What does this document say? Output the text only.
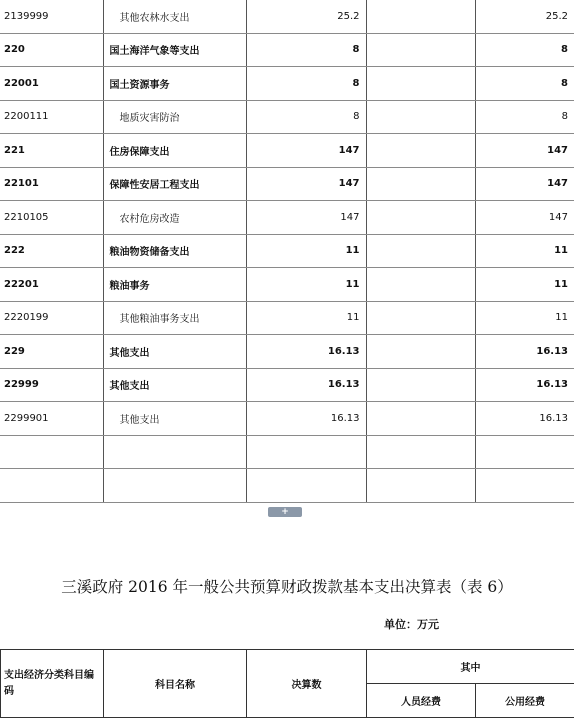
2139999	其他农林水支出	25.2		25.2
220	国土海洋气象等支出	8		8
22001	国土资源事务	8		8
2200111	地质灾害防治	8		8
221	住房保障支出	147		147
22101	保障性安居工程支出	147		147
2210105	农村危房改造	147		147
222	粮油物资储备支出	11		11
22201	粮油事务	11		11
2220199	其他粮油事务支出	11		11
229	其他支出	16.13		16.13
22999	其他支出	16.13		16.13
2299901	其他支出	16.13		16.13

+
三溪政府 2016 年一般公共预算财政拨款基本支出决算表（表 6）
单位：万元
支出经济分类科目编码	科目名称	决算数	其中	
			人员经费	公用经费
